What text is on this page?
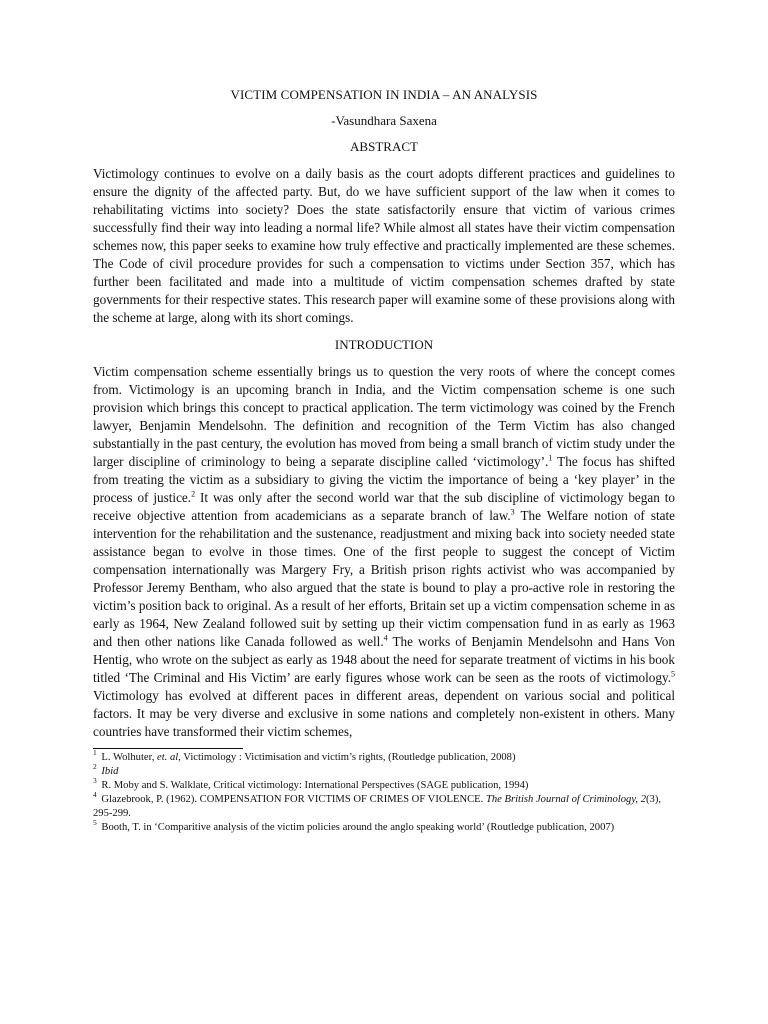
VICTIM COMPENSATION IN INDIA – AN ANALYSIS

-Vasundhara Saxena

ABSTRACT

Victimology continues to evolve on a daily basis as the court adopts different practices and guidelines to ensure the dignity of the affected party. But, do we have sufficient support of the law when it comes to rehabilitating victims into society? Does the state satisfactorily ensure that victim of various crimes successfully find their way into leading a normal life? While almost all states have their victim compensation schemes now, this paper seeks to examine how truly effective and practically implemented are these schemes. The Code of civil procedure provides for such a compensation to victims under Section 357, which has further been facilitated and made into a multitude of victim compensation schemes drafted by state governments for their respective states. This research paper will examine some of these provisions along with the scheme at large, along with its short comings.

INTRODUCTION

Victim compensation scheme essentially brings us to question the very roots of where the concept comes from. Victimology is an upcoming branch in India, and the Victim compensation scheme is one such provision which brings this concept to practical application. The term victimology was coined by the French lawyer, Benjamin Mendelsohn. The definition and recognition of the Term Victim has also changed substantially in the past century, the evolution has moved from being a small branch of victim study under the larger discipline of criminology to being a separate discipline called ‘victimology’.$^1$ The focus has shifted from treating the victim as a subsidiary to giving the victim the importance of being a ‘key player’ in the process of justice.$^2$ It was only after the second world war that the sub discipline of victimology began to receive objective attention from academicians as a separate branch of law.$^3$ The Welfare notion of state intervention for the rehabilitation and the sustenance, readjustment and mixing back into society needed state assistance began to evolve in those times. One of the first people to suggest the concept of Victim compensation internationally was Margery Fry, a British prison rights activist who was accompanied by Professor Jeremy Bentham, who also argued that the state is bound to play a pro-active role in restoring the victim’s position back to original. As a result of her efforts, Britain set up a victim compensation scheme in as early as 1964, New Zealand followed suit by setting up their victim compensation fund in as early as 1963 and then other nations like Canada followed as well.$^4$ The works of Benjamin Mendelsohn and Hans Von Hentig, who wrote on the subject as early as 1948 about the need for separate treatment of victims in his book titled ‘The Criminal and His Victim’ are early figures whose work can be seen as the roots of victimology.$^5$ Victimology has evolved at different paces in different areas, dependent on various social and political factors. It may be very diverse and exclusive in some nations and completely non-existent in others. Many countries have transformed their victim schemes,

$^1$ L. Wolhuter, et. al, Victimology : Victimisation and victim’s rights, (Routledge publication, 2008)

$^2$ Ibid

$^3$ R. Moby and S. Walklate, Critical victimology: International Perspectives (SAGE publication, 1994)

$^4$ Glazebrook, P. (1962). COMPENSATION FOR VICTIMS OF CRIMES OF VIOLENCE. The British Journal of Criminology, 2(3), 295-299.

$^5$ Booth, T. in ‘Comparitive analysis of the victim policies around the anglo speaking world’ (Routledge publication, 2007)
